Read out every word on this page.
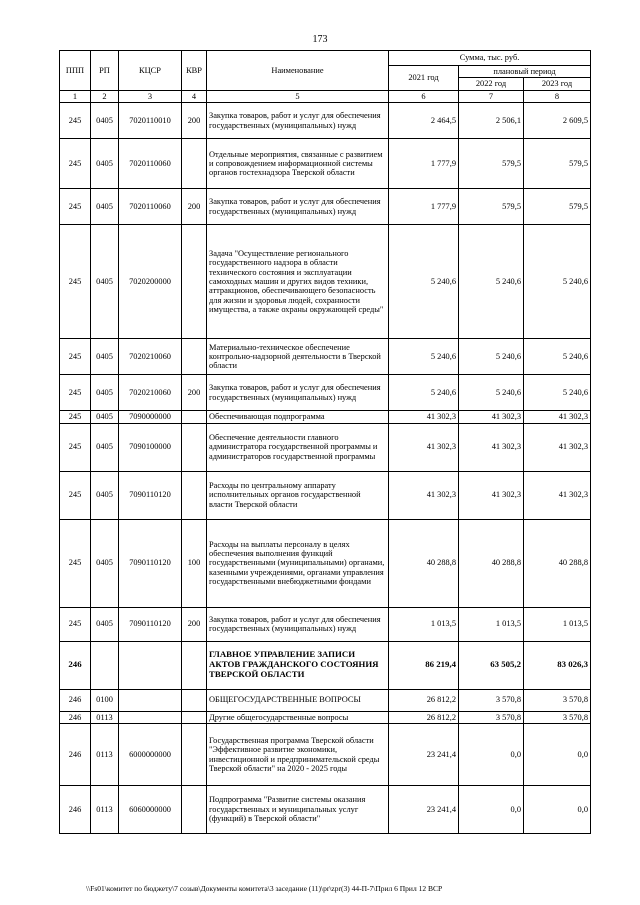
173
ППП	РП	КЦСР	КВР	Наименование	Сумма, тыс. руб.		
					2021 год	плановый период	
						2022 год	2023 год
1	2	3	4	5	6	7	8
245	0405	7020110010	200	Закупка товаров, работ и услуг для обеспечения государственных (муниципальных) нужд	2 464,5	2 506,1	2 609,5
245	0405	7020110060		Отдельные мероприятия, связанные с развитием и сопровождением информационной системы органов гостехнадзора Тверской области	1 777,9	579,5	579,5
245	0405	7020110060	200	Закупка товаров, работ и услуг для обеспечения государственных (муниципальных) нужд	1 777,9	579,5	579,5
245	0405	7020200000		Задача "Осуществление регионального государственного надзора в области технического состояния и эксплуатации самоходных машин и других видов техники, аттракционов, обеспечивающего безопасность для жизни и здоровья людей, сохранности имущества, а также охраны окружающей среды"	5 240,6	5 240,6	5 240,6
245	0405	7020210060		Материально-техническое обеспечение контрольно-надзорной деятельности в Тверской области	5 240,6	5 240,6	5 240,6
245	0405	7020210060	200	Закупка товаров, работ и услуг для обеспечения государственных (муниципальных) нужд	5 240,6	5 240,6	5 240,6
245	0405	7090000000		Обеспечивающая подпрограмма	41 302,3	41 302,3	41 302,3
245	0405	7090100000		Обеспечение деятельности главного администратора государственной программы и администраторов государственной программы	41 302,3	41 302,3	41 302,3
245	0405	7090110120		Расходы по центральному аппарату исполнительных органов государственной власти Тверской области	41 302,3	41 302,3	41 302,3
245	0405	7090110120	100	Расходы на выплаты персоналу в целях обеспечения выполнения функций государственными (муниципальными) органами, казенными учреждениями, органами управления государственными внебюджетными фондами	40 288,8	40 288,8	40 288,8
245	0405	7090110120	200	Закупка товаров, работ и услуг для обеспечения государственных (муниципальных) нужд	1 013,5	1 013,5	1 013,5
246				ГЛАВНОЕ УПРАВЛЕНИЕ ЗАПИСИ АКТОВ ГРАЖДАНСКОГО СОСТОЯНИЯ ТВЕРСКОЙ ОБЛАСТИ	86 219,4	63 505,2	83 026,3
246	0100			ОБЩЕГОСУДАРСТВЕННЫЕ ВОПРОСЫ	26 812,2	3 570,8	3 570,8
246	0113			Другие общегосударственные вопросы	26 812,2	3 570,8	3 570,8
246	0113	6000000000		Государственная программа Тверской области "Эффективное развитие экономики, инвестиционной и предпринимательской среды Тверской области" на 2020 - 2025 годы	23 241,4	0,0	0,0
246	0113	6060000000		Подпрограмма "Развитие системы оказания государственных и муниципальных услуг (функций) в Тверской области"	23 241,4	0,0	0,0
\\Fs01\комитет по бюджету\7 созыв\Документы комитета\3 заседание (11)\pr\zpr(3) 44-П-7\Прил 6 Прил 12 ВСР
